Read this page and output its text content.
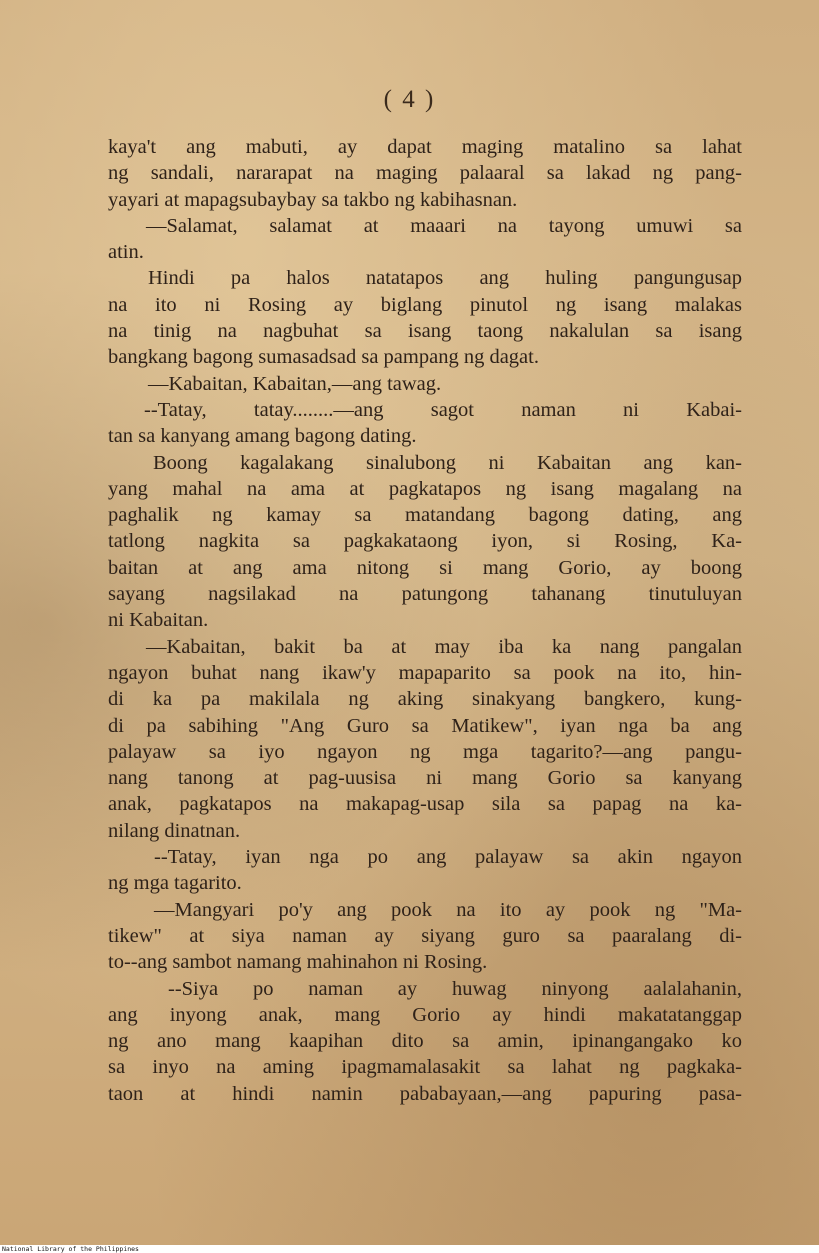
( 4 )
kaya't ang mabuti, ay dapat maging matalino sa lahat
ng sandali, nararapat na maging palaaral sa lakad ng pang-
yayari at mapagsubaybay sa takbo ng kabihasnan.
—Salamat, salamat at maaari na tayong umuwi sa
atin.
Hindi pa halos natatapos ang huling pangungusap
na ito ni Rosing ay biglang pinutol ng isang malakas
na tinig na nagbuhat sa isang taong nakalulan sa isang
bangkang bagong sumasadsad sa pampang ng dagat.
—Kabaitan, Kabaitan,—ang tawag.
--Tatay, tatay........—ang sagot naman ni Kabai-
tan sa kanyang amang bagong dating.
Boong kagalakang sinalubong ni Kabaitan ang kan-
yang mahal na ama at pagkatapos ng isang magalang na
paghalik ng kamay sa matandang bagong dating, ang
tatlong nagkita sa pagkakataong iyon, si Rosing, Ka-
baitan at ang ama nitong si mang Gorio, ay boong
sayang nagsilakad na patungong tahanang tinutuluyan
ni Kabaitan.
—Kabaitan, bakit ba at may iba ka nang pangalan
ngayon buhat nang ikaw'y mapaparito sa pook na ito, hin-
di ka pa makilala ng aking sinakyang bangkero, kung-
di pa sabihing "Ang Guro sa Matikew", iyan nga ba ang
palayaw sa iyo ngayon ng mga tagarito?—ang pangu-
nang tanong at pag-uusisa ni mang Gorio sa kanyang
anak, pagkatapos na makapag-usap sila sa papag na ka-
nilang dinatnan.
--Tatay, iyan nga po ang palayaw sa akin ngayon
ng mga tagarito.
—Mangyari po'y ang pook na ito ay pook ng "Ma-
tikew" at siya naman ay siyang guro sa paaralang di-
to--ang sambot namang mahinahon ni Rosing.
--Siya po naman ay huwag ninyong aalalahanin,
ang inyong anak, mang Gorio ay hindi makatatanggap
ng ano mang kaapihan dito sa amin, ipinangangako ko
sa inyo na aming ipagmamalasakit sa lahat ng pagkaka-
taon at hindi namin pababayaan,—ang papuring pasa-
National Library of the Philippines
